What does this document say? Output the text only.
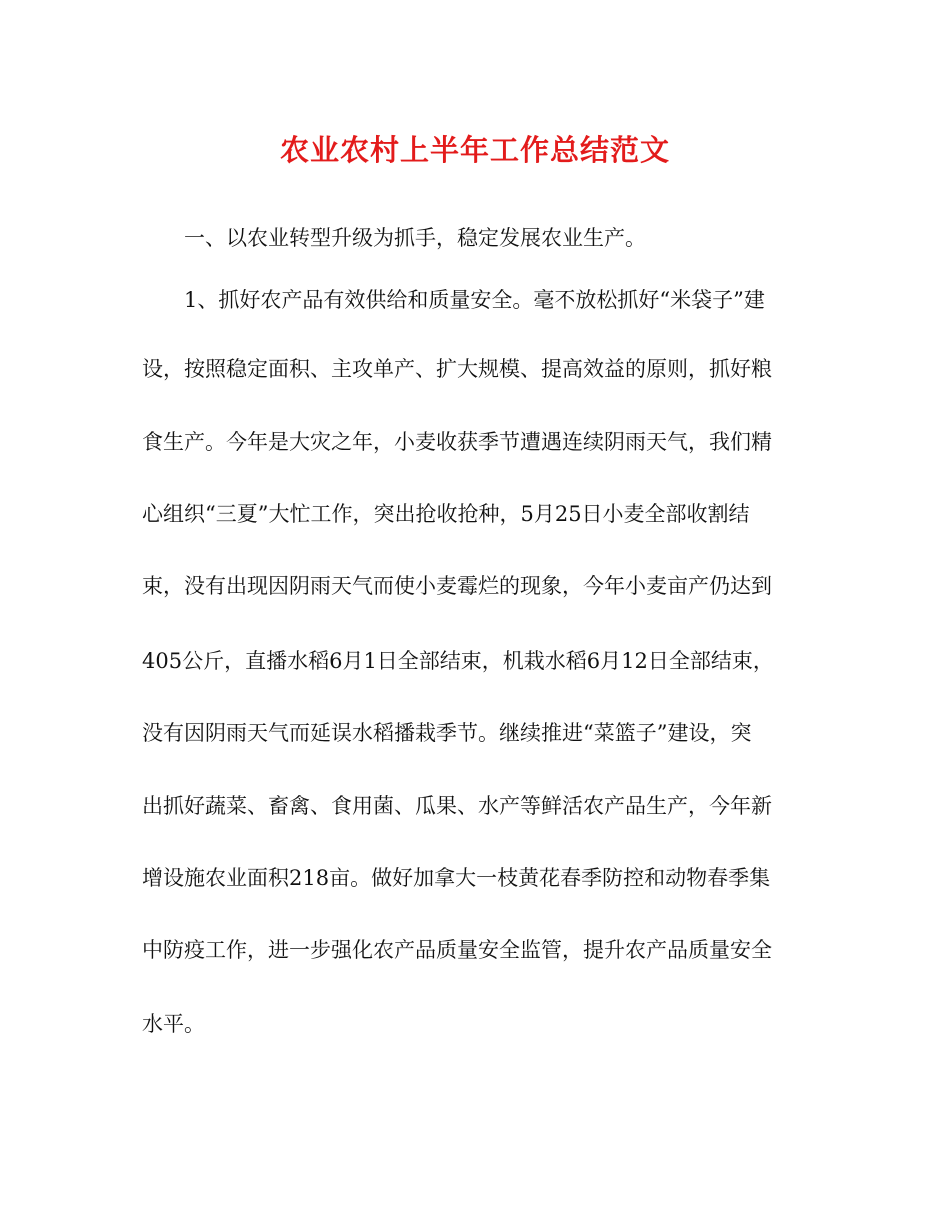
农业农村上半年工作总结范文

一、以农业转型升级为抓手，稳定发展农业生产。

1、抓好农产品有效供给和质量安全。毫不放松抓好“米袋子”建

设，按照稳定面积、主攻单产、扩大规模、提高效益的原则，抓好粮

食生产。今年是大灾之年，小麦收获季节遭遇连续阴雨天气，我们精

心组织“三夏”大忙工作，突出抢收抢种，5月25日小麦全部收割结

束，没有出现因阴雨天气而使小麦霉烂的现象，今年小麦亩产仍达到

405公斤，直播水稻6月1日全部结束，机栽水稻6月12日全部结束，

没有因阴雨天气而延误水稻播栽季节。继续推进“菜篮子”建设，突

出抓好蔬菜、畜禽、食用菌、瓜果、水产等鲜活农产品生产，今年新

增设施农业面积218亩。做好加拿大一枝黄花春季防控和动物春季集

中防疫工作，进一步强化农产品质量安全监管，提升农产品质量安全

水平。
